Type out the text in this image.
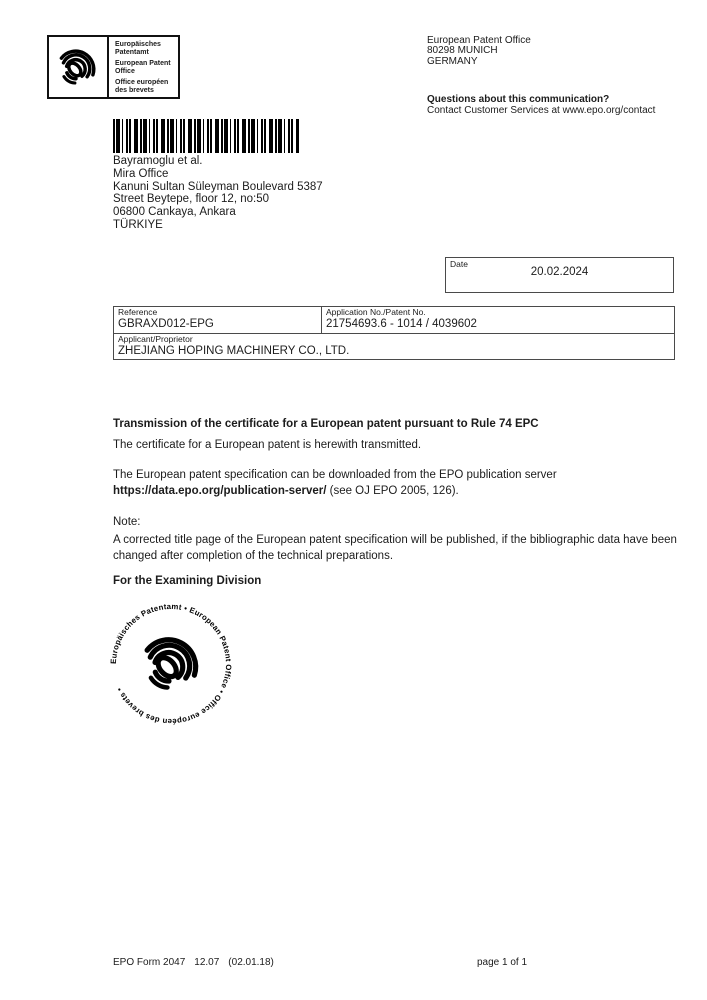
Europäisches Patentamt
European Patent Office
Office européen des brevets
European Patent Office
80298 MUNICH
GERMANY
Questions about this communication?
Contact Customer Services at www.epo.org/contact
Bayramoglu et al.
Mira Office
Kanuni Sultan Süleyman Boulevard 5387
Street Beytepe, floor 12, no:50
06800 Cankaya, Ankara
TÜRKIYE
Date
20.02.2024
Reference
GBRAXD012-EPG
Application No./Patent No.
21754693.6 - 1014 / 4039602
Applicant/Proprietor
ZHEJIANG HOPING MACHINERY CO., LTD.
Transmission of the certificate for a European patent pursuant to Rule 74 EPC
The certificate for a European patent is herewith transmitted.
The European patent specification can be downloaded from the EPO publication server
https://data.epo.org/publication-server/ (see OJ EPO 2005, 126).
Note:
A corrected title page of the European patent specification will be published, if the bibliographic data have been changed after completion of the technical preparations.
For the Examining Division
Europäisches Patentamt • European Patent Office • Office européen des brevets •
EPO Form 2047 12.07 (02.01.18)	page 1 of 1
